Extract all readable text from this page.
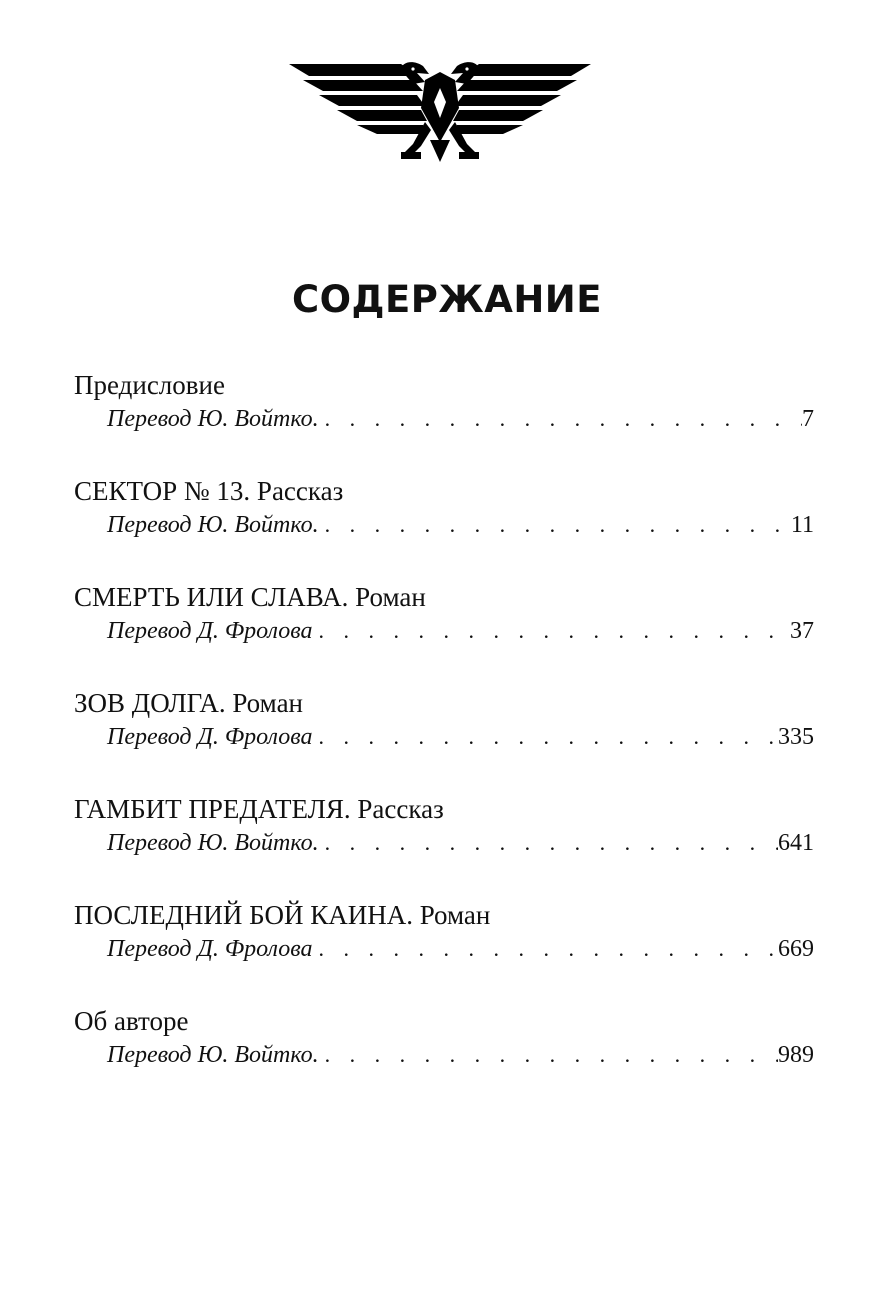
СОДЕРЖАНИЕ
Предисловие
Перевод Ю. Войтко. . . .	7
СЕКТОР № 13. Рассказ
Перевод Ю. Войтко. . . .	11
СМЕРТЬ ИЛИ СЛАВА. Роман
Перевод Д. Фролова . . .	37
ЗОВ ДОЛГА. Роман
Перевод Д. Фролова . . .	335
ГАМБИТ ПРЕДАТЕЛЯ. Рассказ
Перевод Ю. Войтко. . . .	641
ПОСЛЕДНИЙ БОЙ КАИНА. Роман
Перевод Д. Фролова . . .	669
Об авторе
Перевод Ю. Войтко. . . .	989
